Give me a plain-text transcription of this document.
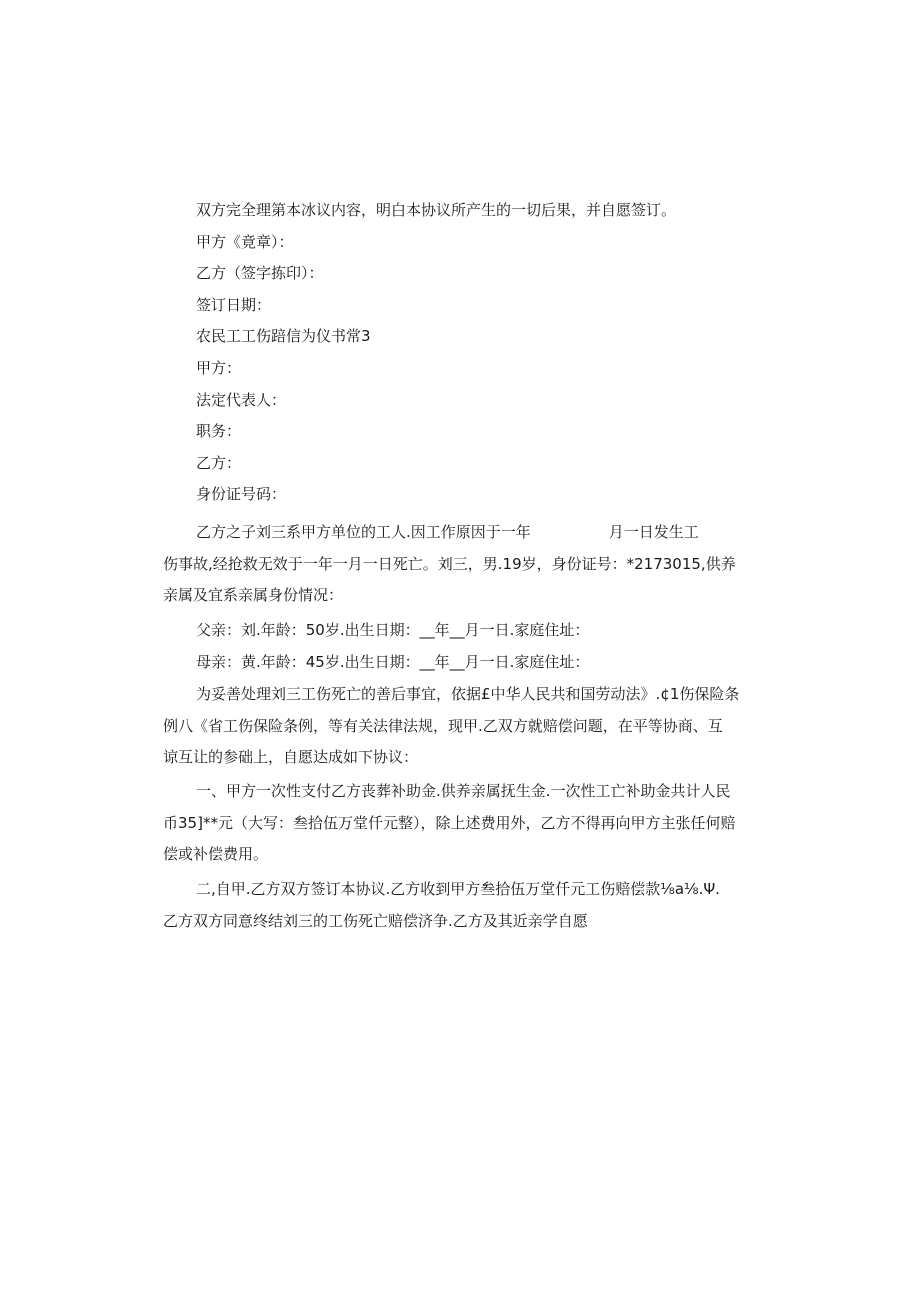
双方完全理第本冰议内容，明白本协议所产生的一切后果，并自愿签订。
甲方《竟章）：
乙方（签字拣印）：
签订日期：
农民工工伤踣信为仪书常3
甲方：
法定代表人：
职务：
乙方：
身份证号码：
乙方之子刘三系甲方单位的工人.因工作原因于一年	月一日发生工
伤事故,经抢救无效于一年一月一日死亡。刘三，男.19岁，身份证号：*2173015,供养
亲属及宜系亲属身份情况：
父亲：刘.年龄：50岁.出生日期：__年__月一日.家庭住址：
母亲：黄.年龄：45岁.出生日期：__年__月一日.家庭住址：
为妥善处理刘三工伤死亡的善后事宜，依据£中华人民共和国劳动法》.¢1伤保险条
例八《省工伤保险条例，等有关法律法规，现甲.乙双方就赔偿问题，在平等协商、互
谅互让的参础上，自愿达成如下协议：
一、甲方一次性支付乙方丧葬补助金.供养亲属抚生金.一次性工亡补助金共计人民
币35]**元（大写：叁拾伍万堂仟元整），除上述费用外，乙方不得再向甲方主张任何赔
偿或补偿费用。
二,自甲.乙方双方签订本协议.乙方收到甲方叁拾伍万堂仟元工伤赔偿款⅛a⅛.Ψ.
乙方双方同意终结刘三的工伤死亡赔偿济争.乙方及其近亲学自愿
